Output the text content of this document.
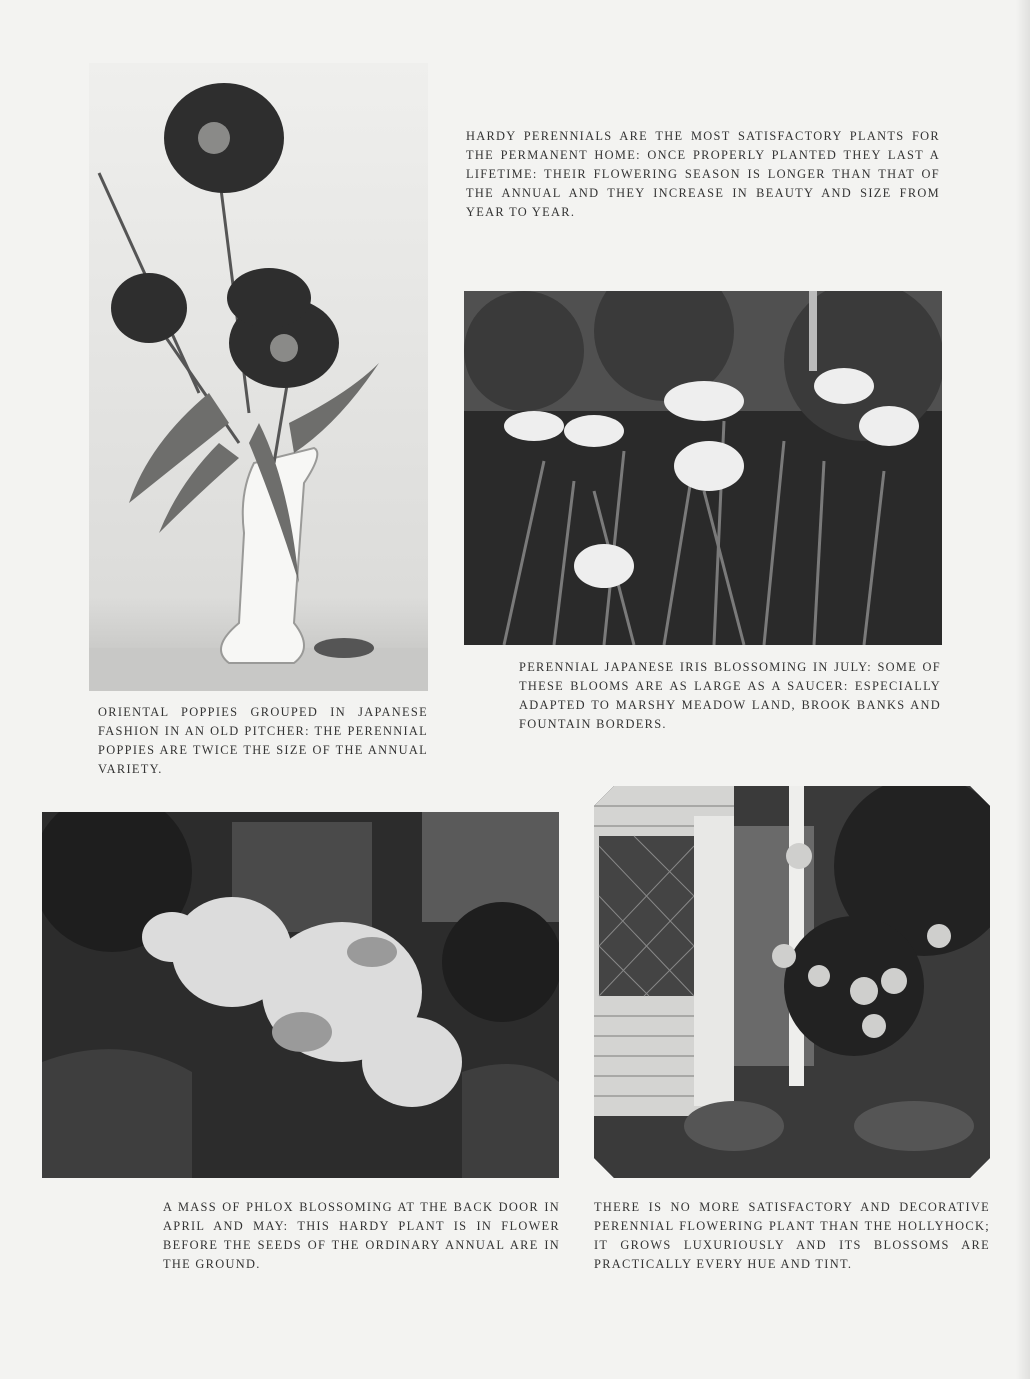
HARDY PERENNIALS ARE THE MOST SATISFACTORY PLANTS FOR THE PERMANENT HOME: ONCE PROPERLY PLANTED THEY LAST A LIFETIME: THEIR FLOWERING SEASON IS LONGER THAN THAT OF THE ANNUAL AND THEY INCREASE IN BEAUTY AND SIZE FROM YEAR TO YEAR.
ORIENTAL POPPIES GROUPED IN JAPANESE FASHION IN AN OLD PITCHER: THE PERENNIAL POPPIES ARE TWICE THE SIZE OF THE ANNUAL VARIETY.
PERENNIAL JAPANESE IRIS BLOSSOMING IN JULY: SOME OF THESE BLOOMS ARE AS LARGE AS A SAUCER: ESPECIALLY ADAPTED TO MARSHY MEADOW LAND, BROOK BANKS AND FOUNTAIN BORDERS.
A MASS OF PHLOX BLOSSOMING AT THE BACK DOOR IN APRIL AND MAY: THIS HARDY PLANT IS IN FLOWER BEFORE THE SEEDS OF THE ORDINARY ANNUAL ARE IN THE GROUND.
THERE IS NO MORE SATISFACTORY AND DECORATIVE PERENNIAL FLOWERING PLANT THAN THE HOLLYHOCK; IT GROWS LUXURIOUSLY AND ITS BLOSSOMS ARE PRACTICALLY EVERY HUE AND TINT.
